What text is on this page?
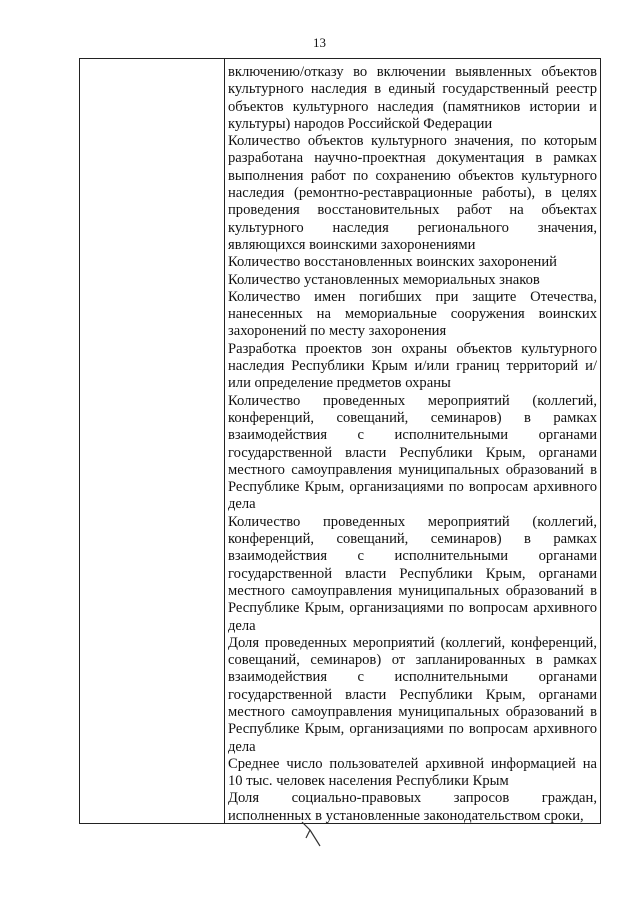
13

включению/отказу во включении выявленных объектов культурного наследия в единый государственный реестр объектов культурного наследия (памятников истории и культуры) народов Российской Федерации

Количество объектов культурного значения, по которым разработана научно-проектная документация в рамках выполнения работ по сохранению объектов культурного наследия (ремонтно-реставрационные работы), в целях проведения восстановительных работ на объектах культурного наследия регионального значения, являющихся воинскими захоронениями

Количество восстановленных воинских захоронений

Количество установленных мемориальных знаков

Количество имен погибших при защите Отечества, нанесенных на мемориальные сооружения воинских захоронений по месту захоронения

Разработка проектов зон охраны объектов культурного наследия Республики Крым и/или границ территорий и/или определение предметов охраны

Количество проведенных мероприятий (коллегий, конференций, совещаний, семинаров) в рамках взаимодействия с исполнительными органами государственной власти Республики Крым, органами местного самоуправления муниципальных образований в Республике Крым, организациями по вопросам архивного дела

Количество проведенных мероприятий (коллегий, конференций, совещаний, семинаров) в рамках взаимодействия с исполнительными органами государственной власти Республики Крым, органами местного самоуправления муниципальных образований в Республике Крым, организациями по вопросам архивного дела

Доля проведенных мероприятий (коллегий, конференций, совещаний, семинаров) от запланированных в рамках взаимодействия с исполнительными органами государственной власти Республики Крым, органами местного самоуправления муниципальных образований в Республике Крым, организациями по вопросам архивного дела

Среднее число пользователей архивной информацией на 10 тыс. человек населения Республики Крым

Доля социально-правовых запросов граждан, исполненных в установленные законодательством сроки,
